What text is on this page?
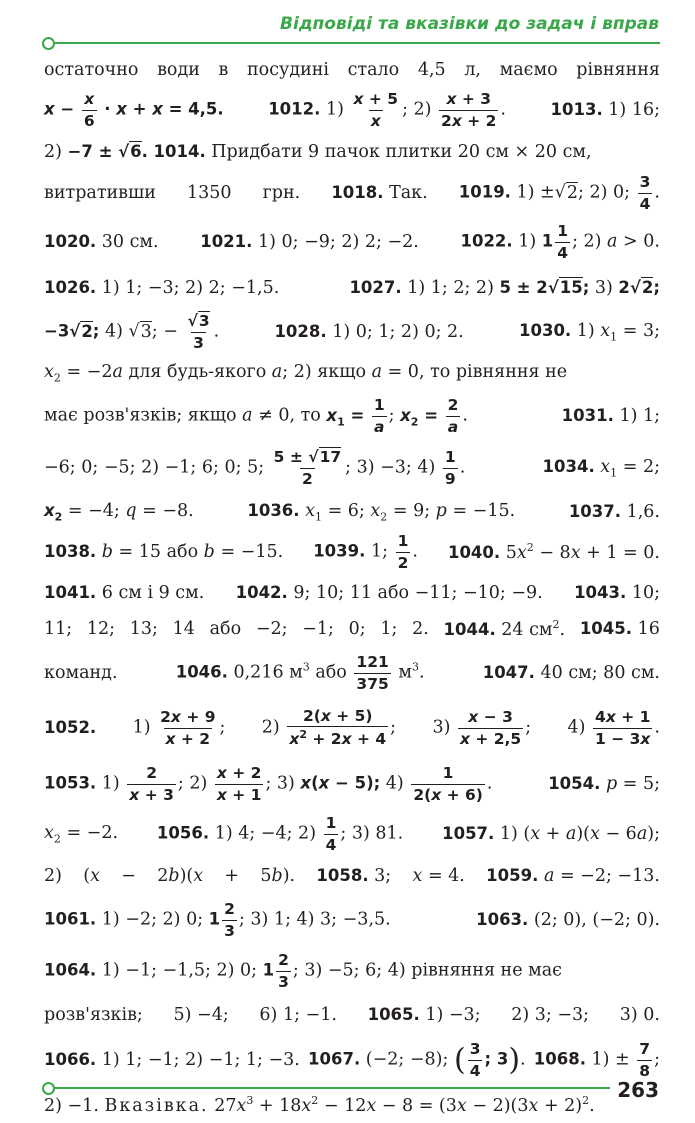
Відповіді та вказівки до задач і вправ
остаточно води в посудині стало 4,5 л, маємо рівняння
$x - \frac{x}{6} \cdot x + x = 4,5$.	1012. $1) \frac{x + 5}{x}$ ; $2) \frac{x + 3}{2x + 2}$ .	1013. 1) 16;
2) −7 ± √6. 1014. Придбати 9 пачок плитки 20 см × 20 см,
витративши 1350 грн. 1018. Так. 1019. 1) ±√2; 2) 0; $\frac{3}{4}$ .
1020. 30 см.	1021. 1) 0; −9; 2) 2; −2.	1022. 1) $1 \frac{1}{4}$ ; 2) a > 0.
1026. 1) 1; −3; 2) 2; −1,5.	1027. 1) 1; 2; 2) 5 ± 2√15; 3) 2√2;
−3√2; 4) √3; − $\frac{√3}{3}$ .	1028. 1) 0; 1; 2) 0; 2.	1030. 1) $x_1 = 3$;
$x_2 = -2a$ для будь-якого a; 2) якщо a = 0, то рівняння не
має розв'язків; якщо a ≠ 0, то $x_1 = \frac{1}{a}$ ; $x_2 = \frac{2}{a}$ .	1031. 1) 1;
−6; 0; −5; 2) −1; 6; 0; 5; $\frac{5 \pm √17}{2}$ ; 3) −3; $4) \frac{1}{9}$ .	1034. $x_1 = 2$;
$x_2 = -4$; q = −8.	1036. $x_1 = 6$; $x_2 = 9$; p = −15.	1037. 1,6.
1038. b = 15 або b = −15. 1039. 1; $\frac{1}{2}$ . 1040. $5x^2 - 8x + 1 = 0$.
1041. 6 см і 9 см. 1042. 9; 10; 11 або −11; −10; −9. 1043. 10;
11; 12; 13; 14 або −2; −1; 0; 1; 2. 1044. 24 $см^2$. 1045. 16
команд.	1046. 0,216 $м^3$ або $\frac{121}{375} м^3$.	1047. 40 см; 80 см.
1052. $1) \frac{2x + 9}{x + 2}$ ; $2) \frac{2(x + 5)}{x^2 + 2x + 4}$ ; $3) \frac{x - 3}{x + 2,5}$ ; $4) \frac{4x + 1}{1 - 3x}$ .
1053. $1) \frac{2}{x + 3}$ ; $2) \frac{x + 2}{x + 1}$ ; 3) x(x − 5); $4) \frac{1}{2(x + 6)}$ .	1054. p = 5;
$x_2 = -2$. 1056. 1) 4; −4; $2) \frac{1}{4}$ ; 3) 81. 1057. 1) (x + a)(x − 6a);
2) (x − 2b)(x + 5b). 1058. 3; x = 4. 1059. a = −2; −13.
1061. 1) −2; 2) 0; $1 \frac{2}{3}$ ; 3) 1; 4) 3; −3,5.	1063. (2; 0), (−2; 0).
1064. 1) −1; −1,5; 2) 0; $1 \frac{2}{3}$ ; 3) −5; 6; 4) рівняння не має
розв'язків; 5) −4; 6) 1; −1. 1065. 1) −3; 2) 3; −3; 3) 0.
1066. 1) 1; −1; 2) −1; 1; −3. 1067. (−2; −8); ( $\frac{3}{4}$ ; 3). 1068. $1) \pm \frac{7}{8}$ ;
2) −1. Вказівка. $27x^3 + 18x^2 - 12x - 8 = (3x - 2)(3x + 2)^2$.
263
